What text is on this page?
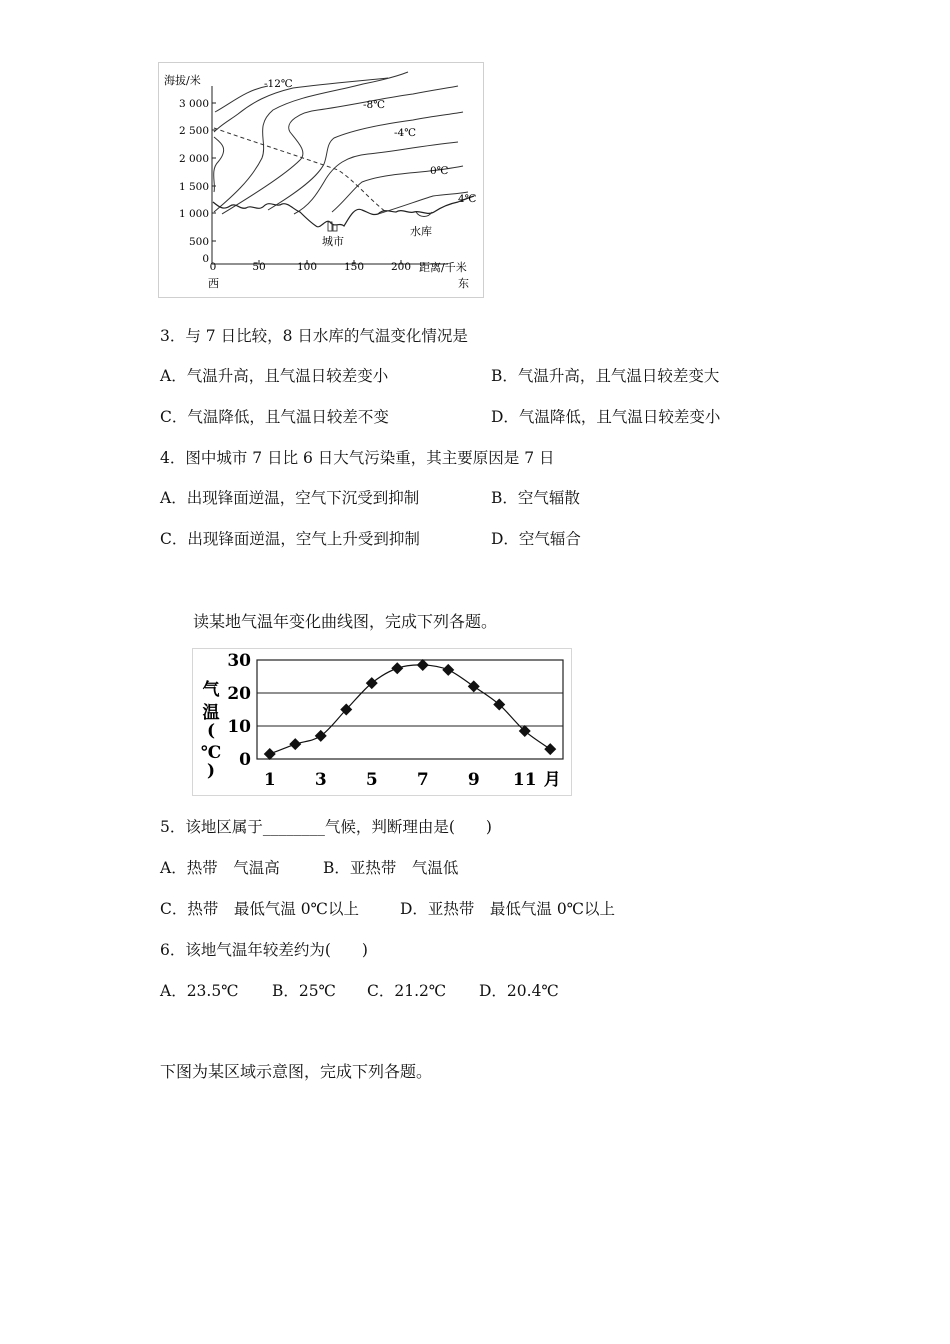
海拔/米
3 000
2 500
2 000
1 500
1 000
500
0
0	50	100	150	200 距离/千米
西	东
城市
水库
-12℃
-8℃
-4℃
0℃
4℃
3．与 7 日比较，8 日水库的气温变化情况是
A．气温升高，且气温日较差变小	B．气温升高，且气温日较差变大
C．气温降低，且气温日较差不变	D．气温降低，且气温日较差变小
4．图中城市 7 日比 6 日大气污染重，其主要原因是 7 日
A．出现锋面逆温，空气下沉受到抑制	B．空气辐散
C．出现锋面逆温，空气上升受到抑制	D．空气辐合
读某地气温年变化曲线图，完成下列各题。
30
20
10
0
1 3 5 7 9 11 月
气
温
(
℃
)
5．该地区属于________气候，判断理由是(　　)
A．热带　气温高	B．亚热带　气温低
C．热带　最低气温 0℃以上	D．亚热带　最低气温 0℃以上
6．该地气温年较差约为(　　)
A．23.5℃ B．25℃ C．21.2℃ D．20.4℃
下图为某区域示意图，完成下列各题。
